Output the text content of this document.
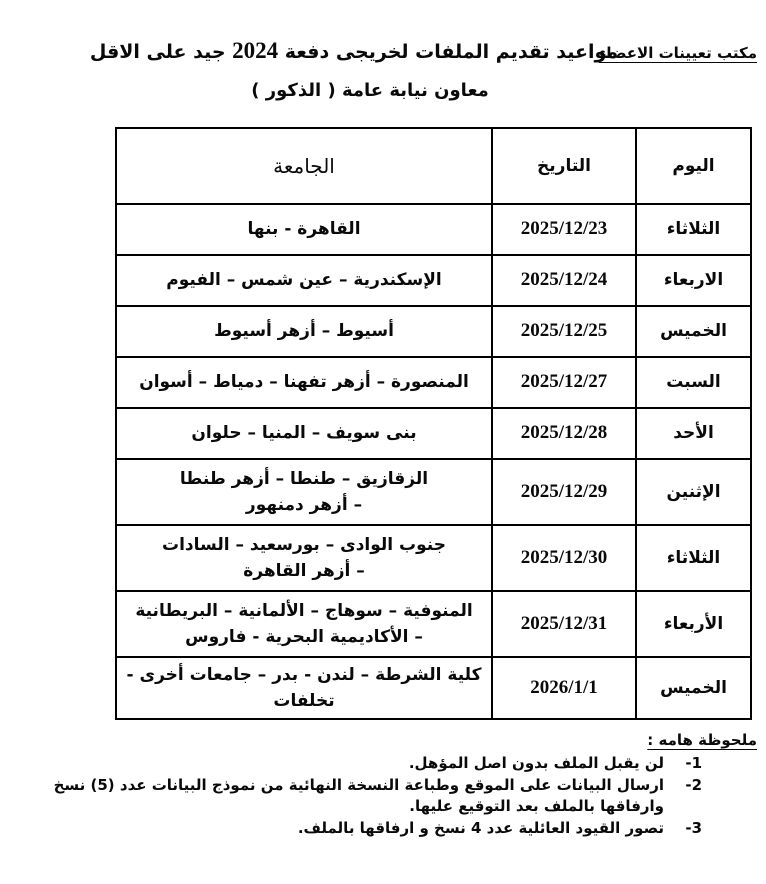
مكتب تعيينات الاعضاء
مواعيد تقديم الملفات لخريجى دفعة 2024 جيد على الاقل
معاون نيابة عامة ( الذكور )
اليوم	التاريخ	الجامعة
الثلاثاء	2025/12/23	القاهرة - بنها
الاربعاء	2025/12/24	الإسكندرية – عين شمس – الفيوم
الخميس	2025/12/25	أسيوط – أزهر أسيوط
السبت	2025/12/27	المنصورة – أزهر تفهنا – دمياط – أسوان
الأحد	2025/12/28	بنى سويف – المنيا – حلوان
الإثنين	2025/12/29	الزقازيق – طنطا – أزهر طنطا
– أزهر دمنهور
الثلاثاء	2025/12/30	جنوب الوادى – بورسعيد – السادات
– أزهر القاهرة
الأربعاء	2025/12/31	المنوفية – سوهاج – الألمانية – البريطانية
– الأكاديمية البحرية - فاروس
الخميس	2026/1/1	كلية الشرطة – لندن - بدر – جامعات أخرى - تخلفات
ملحوظة هامه :
1-
لن يقبل الملف بدون اصل المؤهل.
2-
ارسال البيانات على الموقع وطباعة النسخة النهائية من نموذج البيانات عدد (5) نسخ وارفاقها بالملف بعد التوقيع عليها.
3-
تصور القيود العائلية عدد 4 نسخ و ارفاقها بالملف.
